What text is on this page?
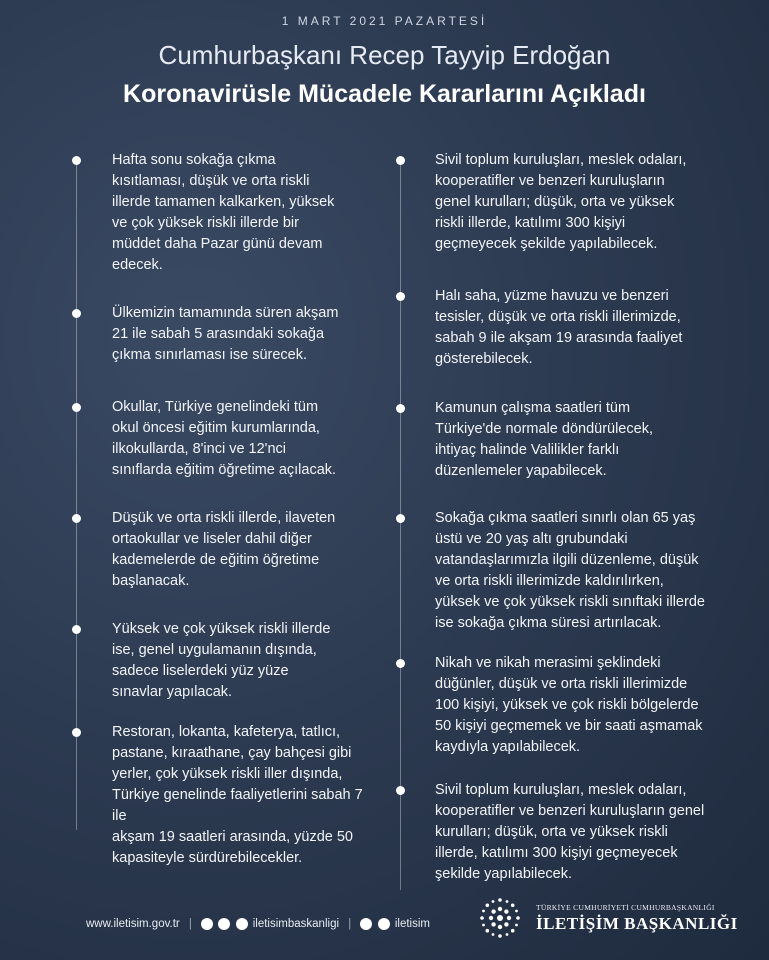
1 MART 2021 PAZARTESİ
Cumhurbaşkanı Recep Tayyip Erdoğan
Koronavirüsle Mücadele Kararlarını Açıkladı
Hafta sonu sokağa çıkma
kısıtlaması, düşük ve orta riskli
illerde tamamen kalkarken, yüksek
ve çok yüksek riskli illerde bir
müddet daha Pazar günü devam
edecek.
Ülkemizin tamamında süren akşam
21 ile sabah 5 arasındaki sokağa
çıkma sınırlaması ise sürecek.
Okullar, Türkiye genelindeki tüm
okul öncesi eğitim kurumlarında,
ilkokullarda, 8'inci ve 12'nci
sınıflarda eğitim öğretime açılacak.
Düşük ve orta riskli illerde, ilaveten
ortaokullar ve liseler dahil diğer
kademelerde de eğitim öğretime
başlanacak.
Yüksek ve çok yüksek riskli illerde
ise, genel uygulamanın dışında,
sadece liselerdeki yüz yüze
sınavlar yapılacak.
Restoran, lokanta, kafeterya, tatlıcı,
pastane, kıraathane, çay bahçesi gibi
yerler, çok yüksek riskli iller dışında,
Türkiye genelinde faaliyetlerini sabah 7 ile
akşam 19 saatleri arasında, yüzde 50
kapasiteyle sürdürebilecekler.
Sivil toplum kuruluşları, meslek odaları,
kooperatifler ve benzeri kuruluşların
genel kurulları; düşük, orta ve yüksek
riskli illerde, katılımı 300 kişiyi
geçmeyecek şekilde yapılabilecek.
Halı saha, yüzme havuzu ve benzeri
tesisler, düşük ve orta riskli illerimizde,
sabah 9 ile akşam 19 arasında faaliyet
gösterebilecek.
Kamunun çalışma saatleri tüm
Türkiye'de normale döndürülecek,
ihtiyaç halinde Valilikler farklı
düzenlemeler yapabilecek.
Sokağa çıkma saatleri sınırlı olan 65 yaş
üstü ve 20 yaş altı grubundaki
vatandaşlarımızla ilgili düzenleme, düşük
ve orta riskli illerimizde kaldırılırken,
yüksek ve çok yüksek riskli sınıftaki illerde
ise sokağa çıkma süresi artırılacak.
Nikah ve nikah merasimi şeklindeki
düğünler, düşük ve orta riskli illerimizde
100 kişiyi, yüksek ve çok riskli bölgelerde
50 kişiyi geçmemek ve bir saati aşmamak
kaydıyla yapılabilecek.
Sivil toplum kuruluşları, meslek odaları,
kooperatifler ve benzeri kuruluşların genel
kurulları; düşük, orta ve yüksek riskli
illerde, katılımı 300 kişiyi geçmeyecek
şekilde yapılabilecek.
www.iletisim.gov.tr |	iletisimbaskanligi |	iletisim
TÜRKİYE CUMHURİYETİ CUMHURBAŞKANLIĞI
İLETİŞİM BAŞKANLIĞI
